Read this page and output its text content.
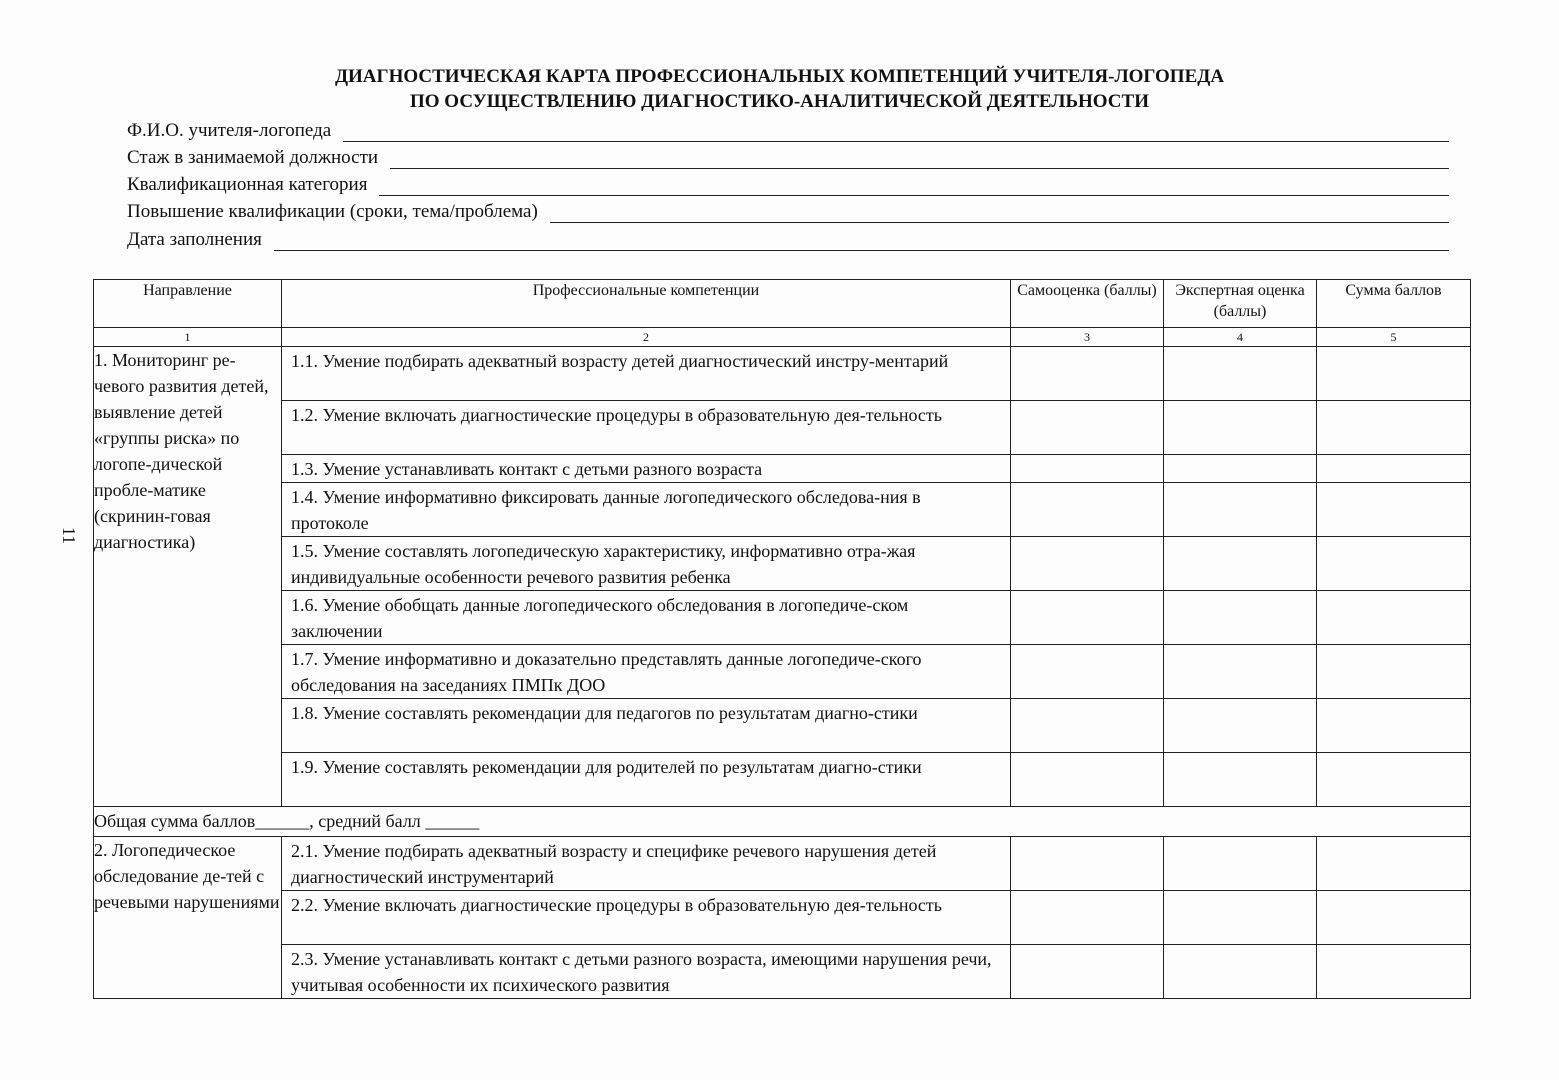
ДИАГНОСТИЧЕСКАЯ КАРТА ПРОФЕССИОНАЛЬНЫХ КОМПЕТЕНЦИЙ УЧИТЕЛЯ-ЛОГОПЕДА
ПО ОСУЩЕСТВЛЕНИЮ ДИАГНОСТИКО-АНАЛИТИЧЕСКОЙ ДЕЯТЕЛЬНОСТИ
Ф.И.О. учителя-логопеда
Стаж в занимаемой должности
Квалификационная категория
Повышение квалификации (сроки, тема/проблема)
Дата заполнения
11
Направление	Профессиональные компетенции	Самооценка (баллы)	Экспертная оценка (баллы)	Сумма баллов
1	2	3	4	5
1. Мониторинг ре-чевого развития детей, выявление детей «группы риска» по логопе-дической пробле-матике (скринин-говая диагностика)	1.1. Умение подбирать адекватный возрасту детей диагностический инстру-ментарий			
	1.2. Умение включать диагностические процедуры в образовательную дея-тельность			
	1.3. Умение устанавливать контакт с детьми разного возраста			
	1.4. Умение информативно фиксировать данные логопедического обследова-ния в протоколе			
	1.5. Умение составлять логопедическую характеристику, информативно отра-жая индивидуальные особенности речевого развития ребенка			
	1.6. Умение обобщать данные логопедического обследования в логопедиче-ском заключении			
	1.7. Умение информативно и доказательно представлять данные логопедиче-ского обследования на заседаниях ПМПк ДОО			
	1.8. Умение составлять рекомендации для педагогов по результатам диагно-стики			
	1.9. Умение составлять рекомендации для родителей по результатам диагно-стики			
Общая сумма баллов______, средний балл ______				
2. Логопедическое обследование де-тей с речевыми нарушениями	2.1. Умение подбирать адекватный возрасту и специфике речевого нарушения детей диагностический инструментарий			
	2.2. Умение включать диагностические процедуры в образовательную дея-тельность			
	2.3. Умение устанавливать контакт с детьми разного возраста, имеющими нарушения речи, учитывая особенности их психического развития			
